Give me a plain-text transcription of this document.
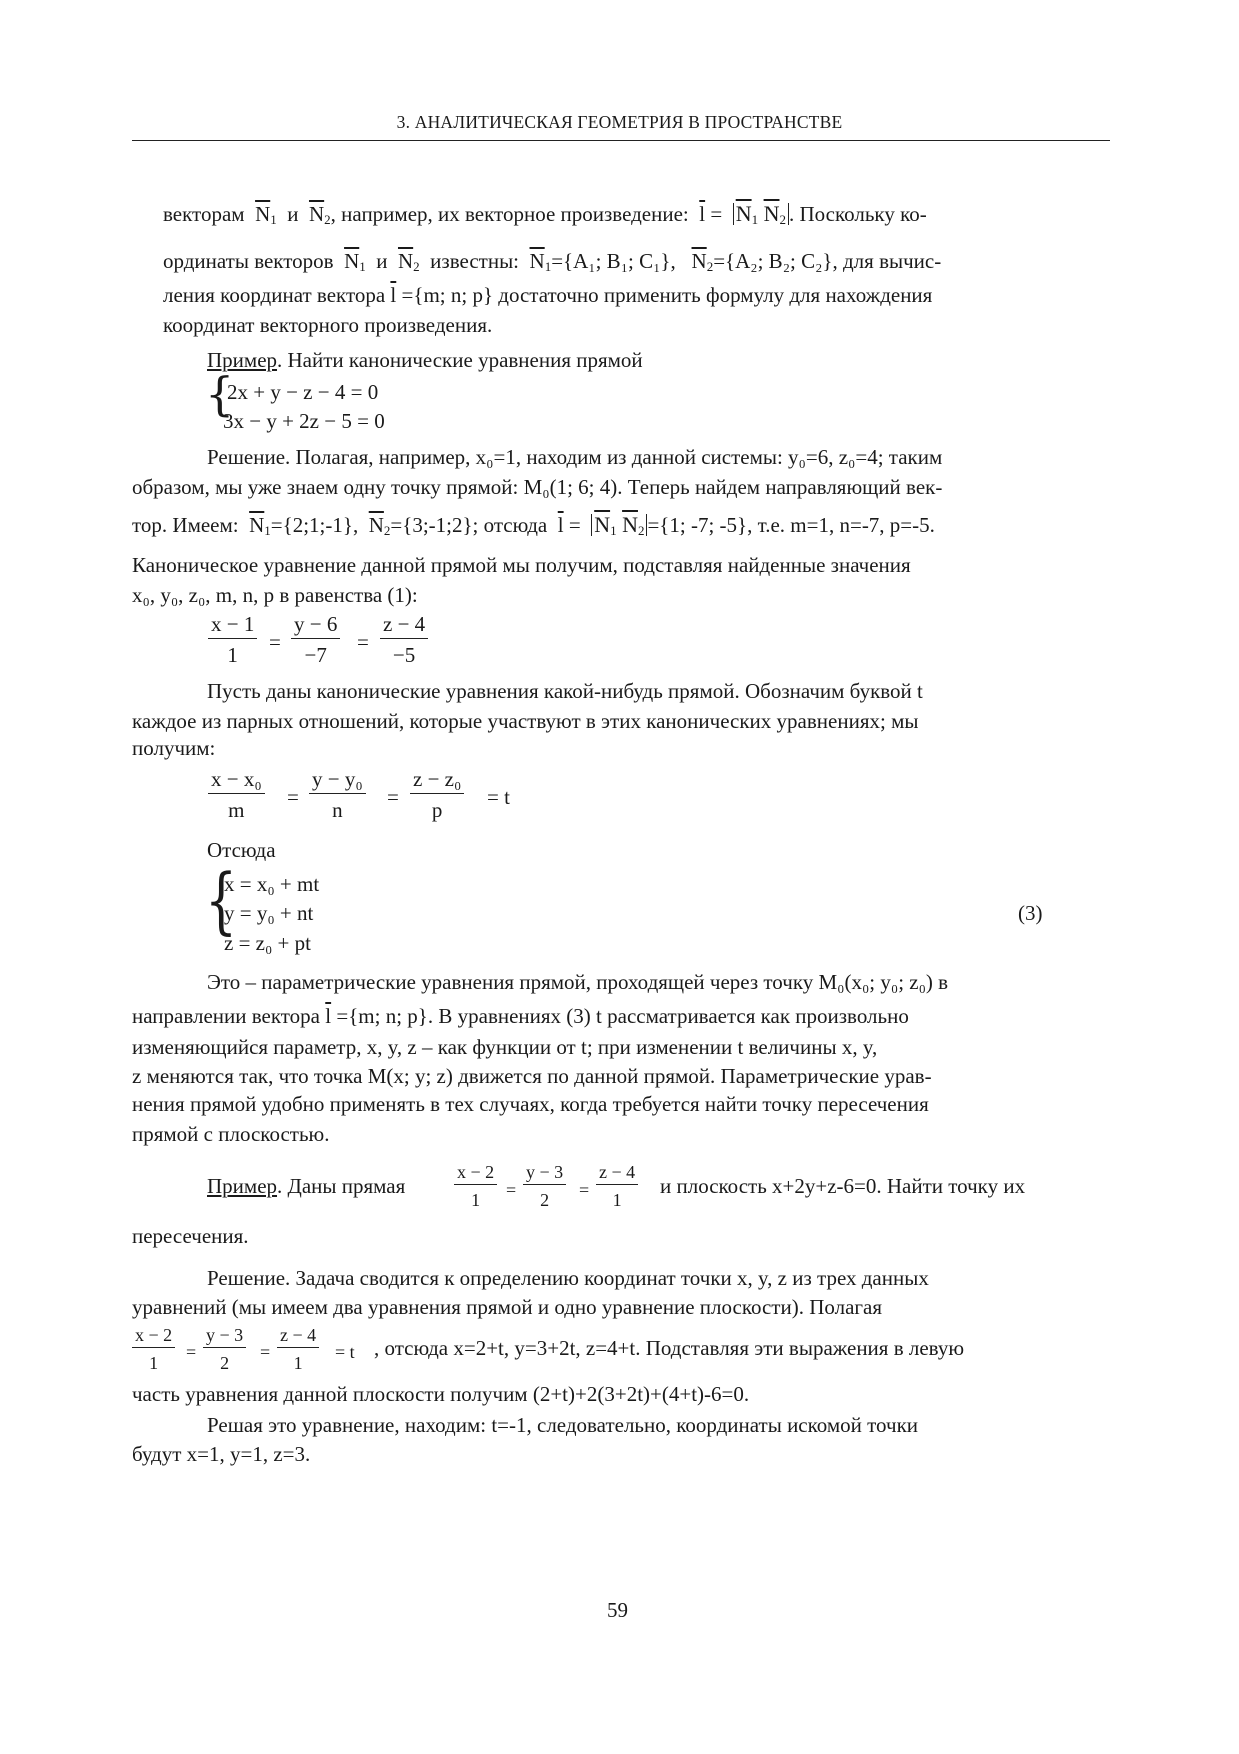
3. АНАЛИТИЧЕСКАЯ ГЕОМЕТРИЯ В ПРОСТРАНСТВЕ
векторам $\overline{N}_1$ и $\overline{N}_2$, например, их векторное произведение: $\overline{l} = \overline{N}_1$ $\overline{N}_2$ . Поскольку ко-
ординаты векторов $\overline{N}_1$ и $\overline{N}_2$ известны: $\overline{N}_1=\{A_1$; B₁; C₁}, $\overline{N}_2=\{A_2$; B₂; C₂}, для вычис-
ления координат вектора $\overline{l} =\{m$; n; p} достаточно применить формулу для нахождения
координат векторного произведения.
Пример. Найти канонические уравнения прямой
{
2x + y − z − 4 = 0
3x − y + 2z − 5 = 0
Решение. Полагая, например, x₀=1, находим из данной системы: y₀=6, z₀=4; таким
образом, мы уже знаем одну точку прямой: M₀(1; 6; 4). Теперь найдем направляющий век-
тор. Имеем: $\overline{N}_1=\{2;1;-1\}$, $\overline{N}_2=\{3;-1;2\}$; отсюда $\overline{l} = \overline{N}_1$ $\overline{N}_2 =\{1$; -7; -5}, т.е. m=1, n=-7, p=-5.
Каноническое уравнение данной прямой мы получим, подставляя найденные значения
x₀, y₀, z₀, m, n, p в равенства (1):
x − 1
1
=
y − 6
−7
=
z − 4
−5
Пусть даны канонические уравнения какой-нибудь прямой. Обозначим буквой t
каждое из парных отношений, которые участвуют в этих канонических уравнениях; мы
получим:
x − x₀
m
=
y − y₀
n
=
z − z₀
p
= t
Отсюда
{
x = x₀ + mt
y = y₀ + nt
z = z₀ + pt
(3)
Это – параметрические уравнения прямой, проходящей через точку M₀(x₀; y₀; z₀) в
направлении вектора $\overline{l} =\{m$; n; p}. В уравнениях (3) t рассматривается как произвольно
изменяющийся параметр, x, y, z – как функции от t; при изменении t величины x, y,
z меняются так, что точка M(x; y; z) движется по данной прямой. Параметрические урав-
нения прямой удобно применять в тех случаях, когда требуется найти точку пересечения
прямой с плоскостью.
Пример. Даны прямая
x − 2
1	=
y − 3
2	=
z − 4
1
и плоскость x+2y+z-6=0. Найти точку их
пересечения.
Решение. Задача сводится к определению координат точки x, y, z из трех данных
уравнений (мы имеем два уравнения прямой и одно уравнение плоскости). Полагая
x − 2
1
=
y − 3
2
=
z − 4
1
= t , отсюда x=2+t, y=3+2t, z=4+t. Подставляя эти выражения в левую
часть уравнения данной плоскости получим (2+t)+2(3+2t)+(4+t)-6=0.
Решая это уравнение, находим: t=-1, следовательно, координаты искомой точки
будут x=1, y=1, z=3.
59
